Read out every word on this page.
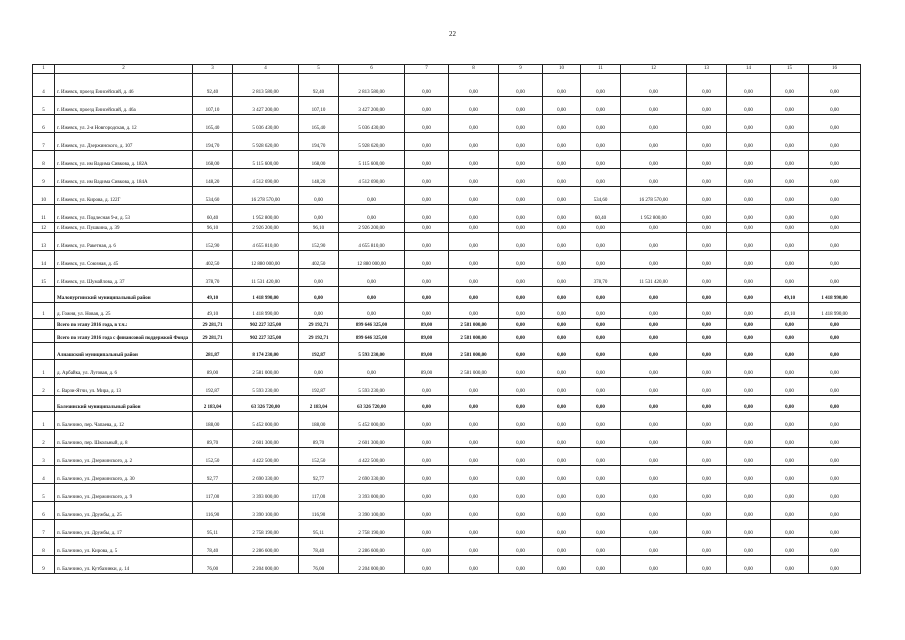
22
1	2	3	4	5	6	7	8	9	10	11	12	13	14	15	16
4	г. Ижевск, проезд Енисейский, д. 46	92,40	2 813 580,00	92,40	2 813 580,00	0,00	0,00	0,00	0,00	0,00	0,00	0,00	0,00	0,00	0,00
5	г. Ижевск, проезд Енисейский, д. 46а	107,10	3 427 200,00	107,10	3 427 200,00	0,00	0,00	0,00	0,00	0,00	0,00	0,00	0,00	0,00	0,00
6	г. Ижевск, ул. 2-я Новгородская, д. 12	165,40	5 036 430,00	165,40	5 036 430,00	0,00	0,00	0,00	0,00	0,00	0,00	0,00	0,00	0,00	0,00
7	г. Ижевск, ул. Дзержинского, д. 107	194,70	5 928 620,00	194,70	5 928 620,00	0,00	0,00	0,00	0,00	0,00	0,00	0,00	0,00	0,00	0,00
8	г. Ижевск, ул. им Вадима Сивкова, д. 182А	168,00	5 115 600,00	168,00	5 115 600,00	0,00	0,00	0,00	0,00	0,00	0,00	0,00	0,00	0,00	0,00
9	г. Ижевск, ул. им Вадима Сивкова, д. 184А	148,20	4 512 690,00	148,20	4 512 690,00	0,00	0,00	0,00	0,00	0,00	0,00	0,00	0,00	0,00	0,00
10	г. Ижевск, ул. Кирова, д. 122Г	534,60	16 278 570,00	0,00	0,00	0,00	0,00	0,00	0,00	534,60	16 278 570,00	0,00	0,00	0,00	0,00
11	г. Ижевск, ул. Подлесная 9-я, д. 53	60,40	1 952 800,00	0,00	0,00	0,00	0,00	0,00	0,00	60,40	1 952 800,00	0,00	0,00	0,00	0,00
12	г. Ижевск, ул. Пушкина, д. 39	96,10	2 926 200,00	96,10	2 926 200,00	0,00	0,00	0,00	0,00	0,00	0,00	0,00	0,00	0,00	0,00
13	г. Ижевск, ул. Ракетная, д. 6	152,90	4 655 810,00	152,90	4 655 810,00	0,00	0,00	0,00	0,00	0,00	0,00	0,00	0,00	0,00	0,00
14	г. Ижевск, ул. Союзная, д. 45	402,50	12 880 000,00	402,50	12 880 000,00	0,00	0,00	0,00	0,00	0,00	0,00	0,00	0,00	0,00	0,00
15	г. Ижевск, ул. Шумайлова, д. 37	378,70	11 531 420,00	0,00	0,00	0,00	0,00	0,00	0,00	378,70	11 531 420,00	0,00	0,00	0,00	0,00
	Малопургинский муниципальный район	49,10	1 418 990,00	0,00	0,00	0,00	0,00	0,00	0,00	0,00	0,00	0,00	0,00	49,10	1 418 990,00
1	д. Гожня, ул. Новая, д. 25	49,10	1 418 990,00	0,00	0,00	0,00	0,00	0,00	0,00	0,00	0,00	0,00	0,00	49,10	1 418 990,00
	Всего по этапу 2016 года, в т.ч.:	29 281,71	902 227 325,00	29 192,71	899 646 325,00	89,00	2 581 000,00	0,00	0,00	0,00	0,00	0,00	0,00	0,00	0,00
	Всего по этапу 2016 года с финансовой поддержкой Фонда	29 281,71	902 227 325,00	29 192,71	899 646 325,00	89,00	2 581 000,00	0,00	0,00	0,00	0,00	0,00	0,00	0,00	0,00
	Алнашский муниципальный район	281,87	8 174 230,00	192,87	5 593 230,00	89,00	2 581 000,00	0,00	0,00	0,00	0,00	0,00	0,00	0,00	0,00
1	д. Арбайка, ул. Луговая, д. 6	89,00	2 581 000,00	0,00	0,00	89,00	2 581 000,00	0,00	0,00	0,00	0,00	0,00	0,00	0,00	0,00
2	с. Варзи-Ятчи, ул. Мира, д. 13	192,87	5 593 230,00	192,87	5 593 230,00	0,00	0,00	0,00	0,00	0,00	0,00	0,00	0,00	0,00	0,00
	Балезинский муниципальный район	2 183,04	63 326 720,00	2 183,04	63 326 720,00	0,00	0,00	0,00	0,00	0,00	0,00	0,00	0,00	0,00	0,00
1	п. Балезино, пер. Чапаева, д. 12	188,00	5 452 000,00	188,00	5 452 000,00	0,00	0,00	0,00	0,00	0,00	0,00	0,00	0,00	0,00	0,00
2	п. Балезино, пер. Школьный, д. 8	89,70	2 601 300,00	89,70	2 601 300,00	0,00	0,00	0,00	0,00	0,00	0,00	0,00	0,00	0,00	0,00
3	п. Балезино, ул. Дзержинского, д. 2	152,50	4 422 500,00	152,50	4 422 500,00	0,00	0,00	0,00	0,00	0,00	0,00	0,00	0,00	0,00	0,00
4	п. Балезино, ул. Дзержинского, д. 30	92,77	2 690 330,00	92,77	2 690 330,00	0,00	0,00	0,00	0,00	0,00	0,00	0,00	0,00	0,00	0,00
5	п. Балезино, ул. Дзержинского, д. 9	117,00	3 393 000,00	117,00	3 393 000,00	0,00	0,00	0,00	0,00	0,00	0,00	0,00	0,00	0,00	0,00
6	п. Балезино, ул. Дружбы, д. 25	116,90	3 390 100,00	116,90	3 390 100,00	0,00	0,00	0,00	0,00	0,00	0,00	0,00	0,00	0,00	0,00
7	п. Балезино, ул. Дружбы, д. 17	95,11	2 758 190,00	95,11	2 758 190,00	0,00	0,00	0,00	0,00	0,00	0,00	0,00	0,00	0,00	0,00
8	п. Балезино, ул. Кирова, д. 5	78,40	2 286 600,00	78,40	2 286 600,00	0,00	0,00	0,00	0,00	0,00	0,00	0,00	0,00	0,00	0,00
9	п. Балезино, ул. Кутбазинки, д. 14	76,00	2 204 000,00	76,00	2 204 000,00	0,00	0,00	0,00	0,00	0,00	0,00	0,00	0,00	0,00	0,00
